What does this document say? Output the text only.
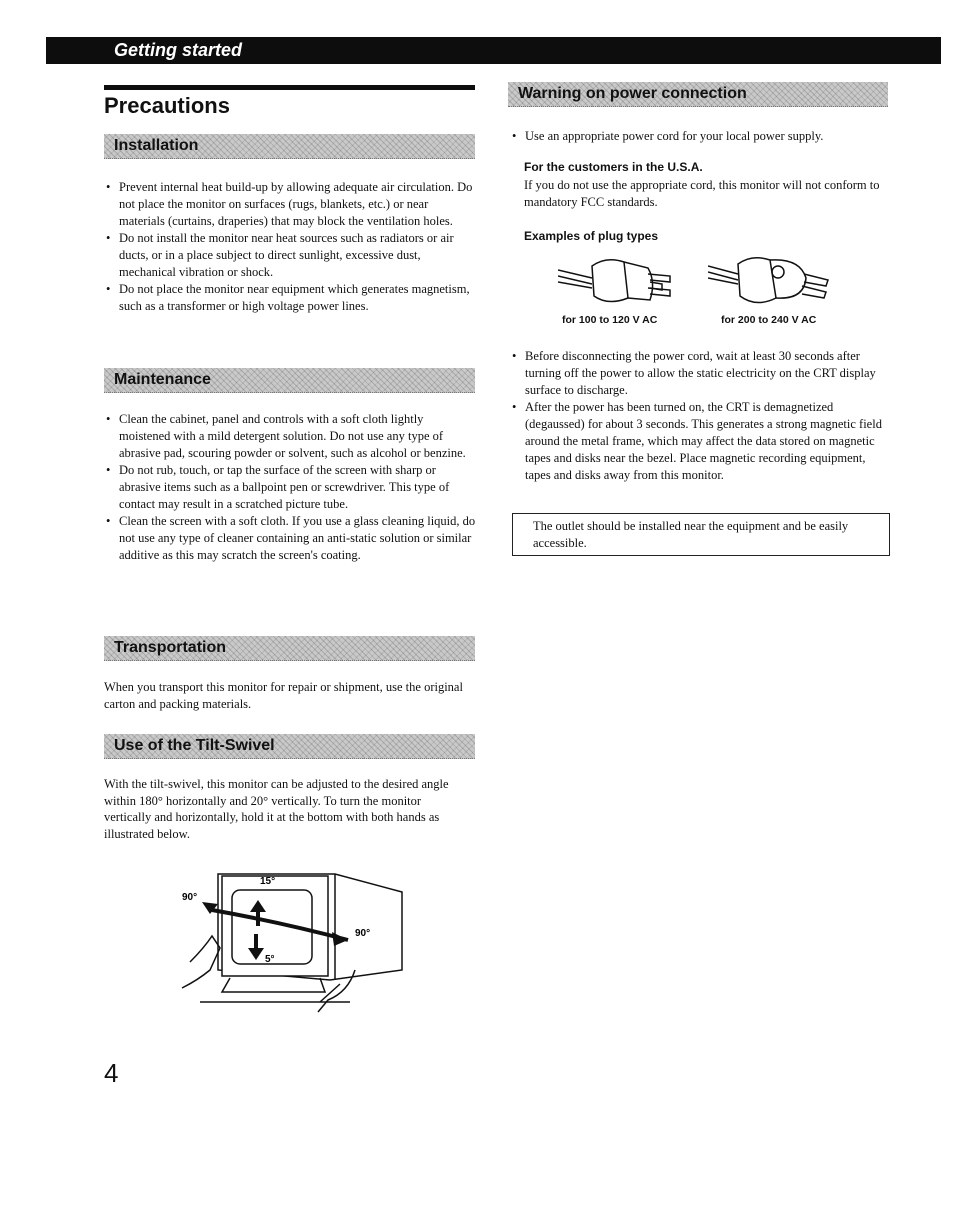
Getting started
Precautions
Installation
• Prevent internal heat build-up by allowing adequate air circulation. Do not place the monitor on surfaces (rugs, blankets, etc.) or near materials (curtains, draperies) that may block the ventilation holes.
• Do not install the monitor near heat sources such as radiators or air ducts, or in a place subject to direct sunlight, excessive dust, mechanical vibration or shock.
• Do not place the monitor near equipment which generates magnetism, such as a transformer or high voltage power lines.
Maintenance
• Clean the cabinet, panel and controls with a soft cloth lightly moistened with a mild detergent solution. Do not use any type of abrasive pad, scouring powder or solvent, such as alcohol or benzine.
• Do not rub, touch, or tap the surface of the screen with sharp or abrasive items such as a ballpoint pen or screwdriver. This type of contact may result in a scratched picture tube.
• Clean the screen with a soft cloth. If you use a glass cleaning liquid, do not use any type of cleaner containing an anti-static solution or similar additive as this may scratch the screen's coating.
Transportation

When you transport this monitor for repair or shipment, use the original carton and packing materials.

Use of the Tilt-Swivel

With the tilt-swivel, this monitor can be adjusted to the desired angle within 180° horizontally and 20° vertically. To turn the monitor vertically and horizontally, hold it at the bottom with both hands as illustrated below.

90°
90°
15°
5°
4
Warning on power connection
• Use an appropriate power cord for your local power supply.
For the customers in the U.S.A.

If you do not use the appropriate cord, this monitor will not conform to mandatory FCC standards.

Examples of plug types
for 100 to 120 V AC	for 200 to 240 V AC
• Before disconnecting the power cord, wait at least 30 seconds after turning off the power to allow the static electricity on the CRT display surface to discharge.
• After the power has been turned on, the CRT is demagnetized (degaussed) for about 3 seconds. This generates a strong magnetic field around the metal frame, which may affect the data stored on magnetic tapes and disks near the bezel. Place magnetic recording equipment, tapes and disks away from this monitor.

The outlet should be installed near the equipment and be easily accessible.
